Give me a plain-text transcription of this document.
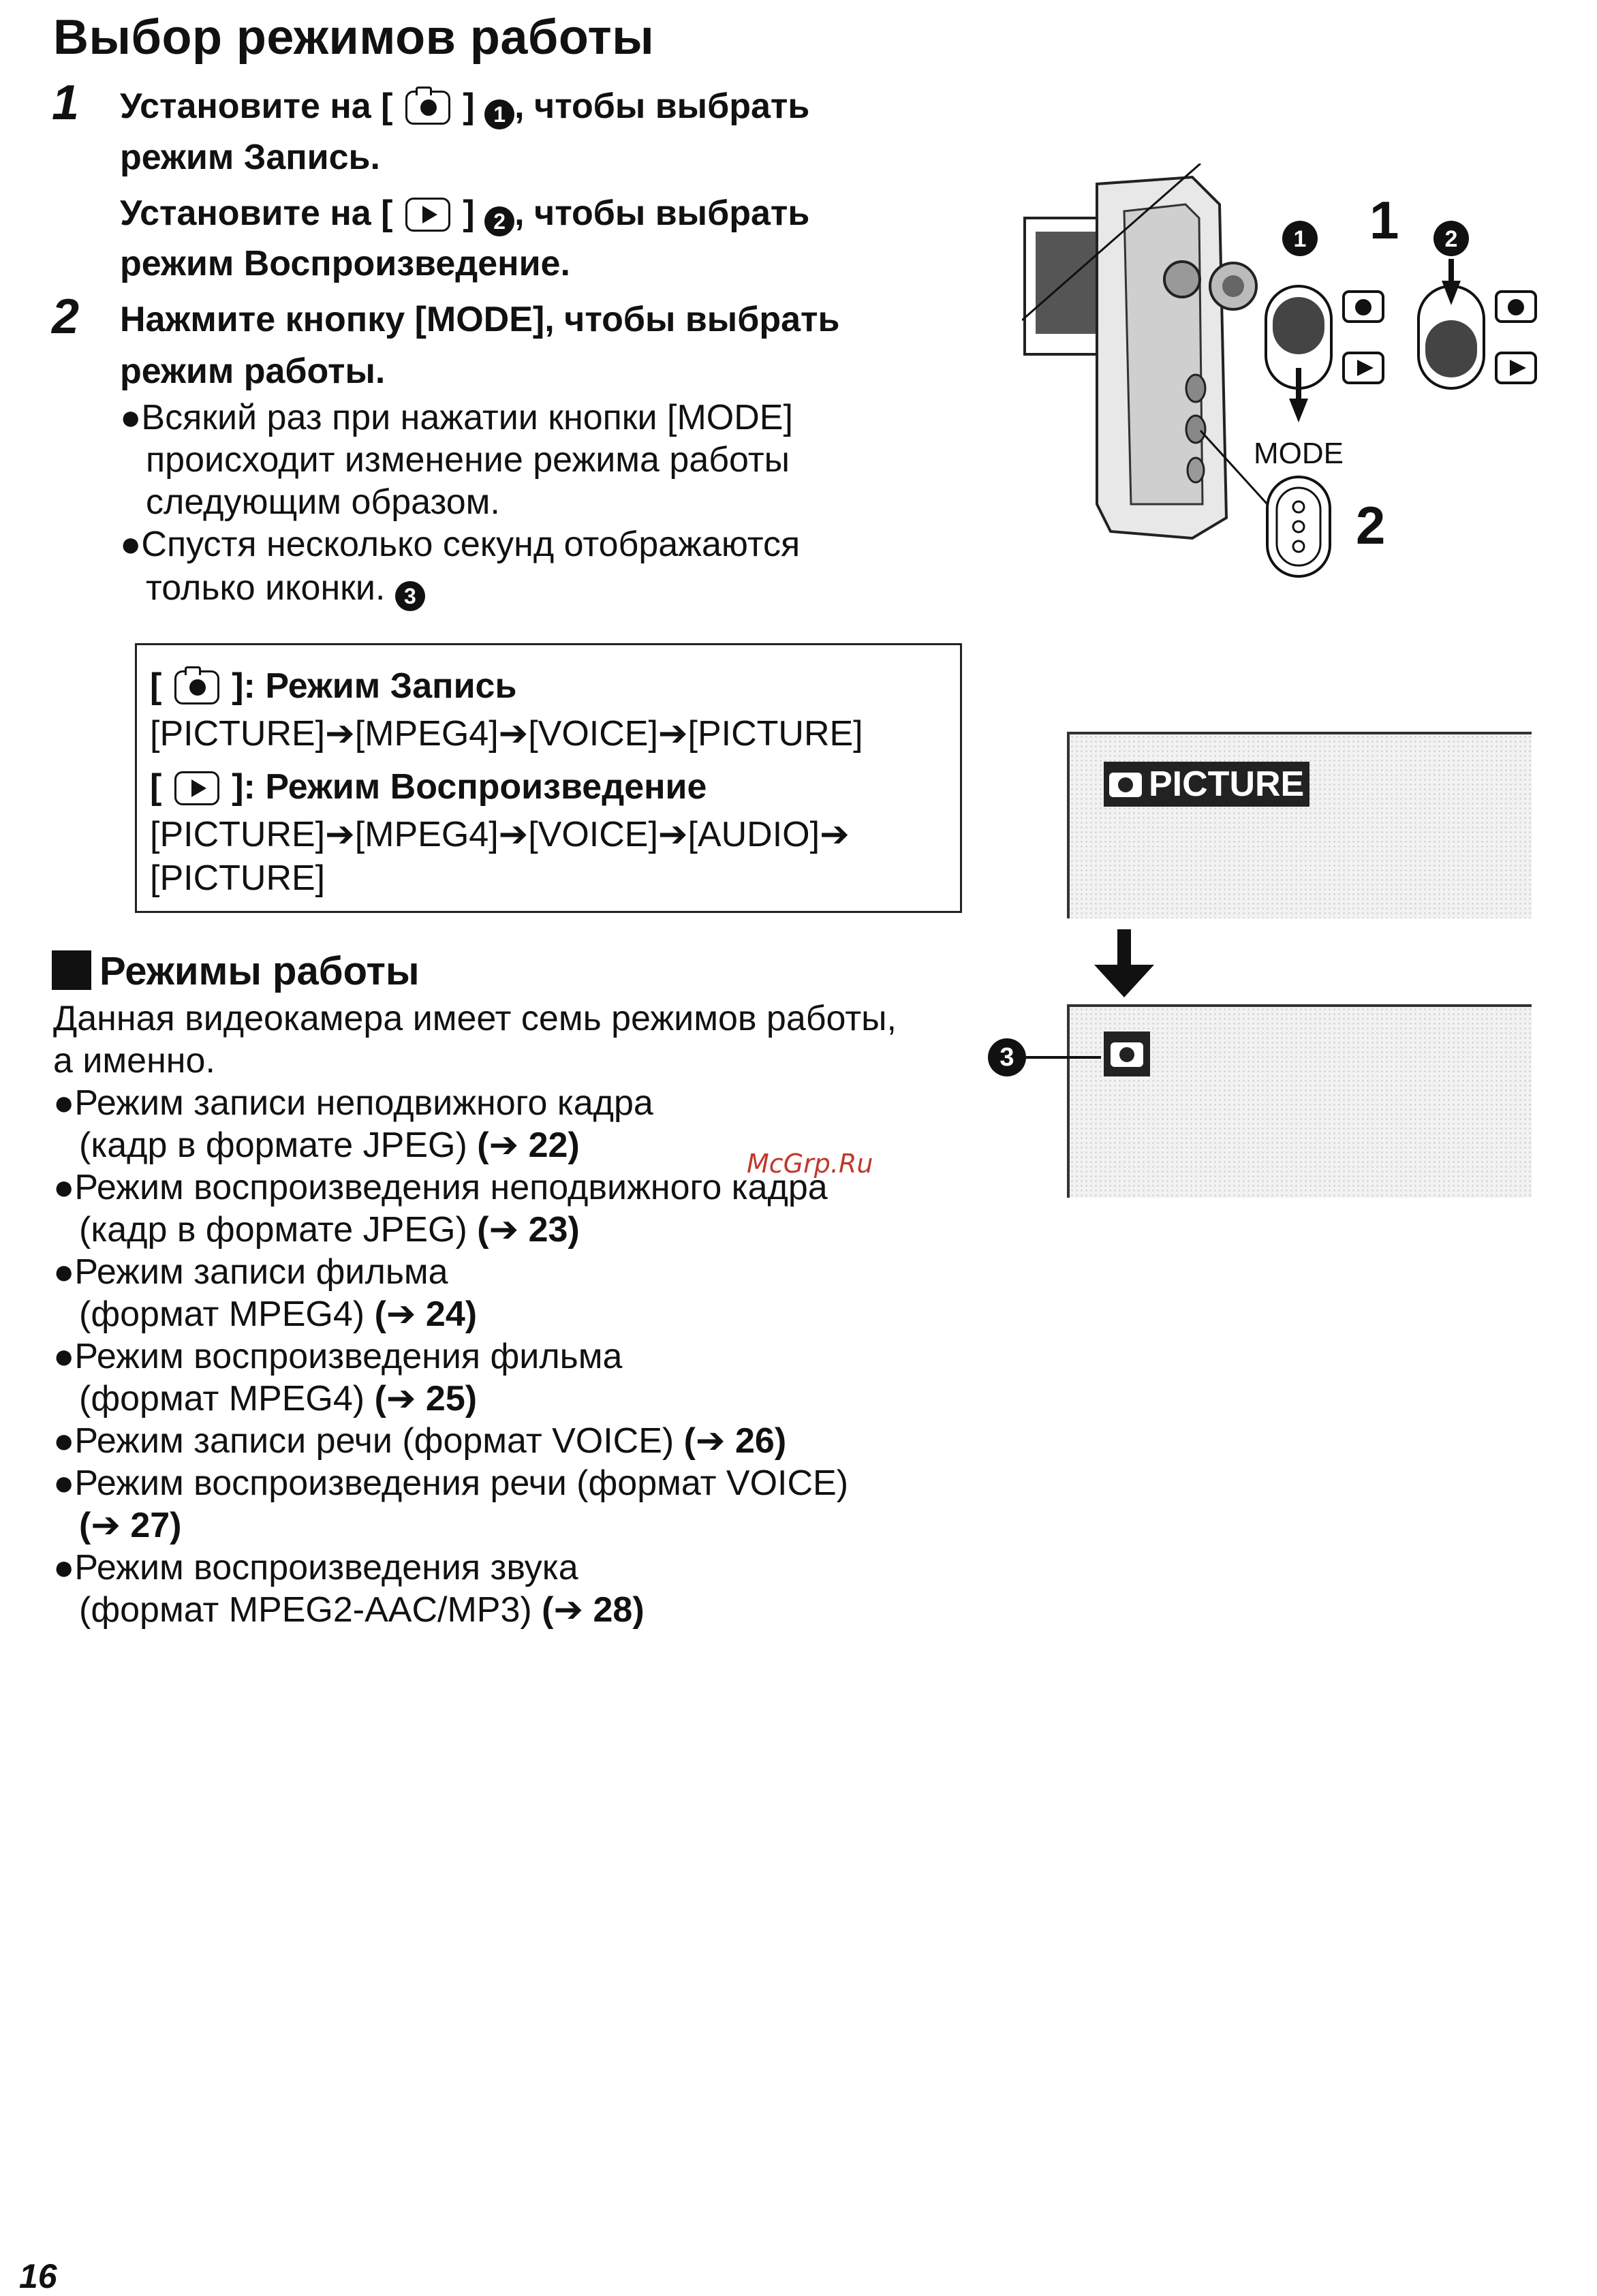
Выбор режимов работы
1 Установите на [ ] 1 , чтобы выбрать
режим Запись.
Установите на [ ] 2 , чтобы выбрать
режим Воспроизведение.
2 Нажмите кнопку [MODE], чтобы выбрать
режим работы.
●Всякий раз при нажатии кнопки [MODE]
происходит изменение режима работы
следующим образом.
●Спустя несколько секунд отображаются
только иконки. 3
[ ]: Режим Запись
[PICTURE]➔[MPEG4]➔[VOICE]➔[PICTURE]
[ ]: Режим Воспроизведение
[PICTURE]➔[MPEG4]➔[VOICE]➔[AUDIO]➔
[PICTURE]
Режимы работы
Данная видеокамера имеет семь режимов работы,
а именно.
●Режим записи неподвижного кадра
(кадр в формате JPEG) (➔ 22)
●Режим воспроизведения неподвижного кадра
(кадр в формате JPEG) (➔ 23)
●Режим записи фильма
(формат MPEG4) (➔ 24)
●Режим воспроизведения фильма
(формат MPEG4) (➔ 25)
●Режим записи речи (формат VOICE) (➔ 26)
●Режим воспроизведения речи (формат VOICE)
(➔ 27)
●Режим воспроизведения звука
(формат MPEG2-AAC/MP3) (➔ 28)
McGrp.Ru
1 1 2
MODE
2
PICTURE
3
16
